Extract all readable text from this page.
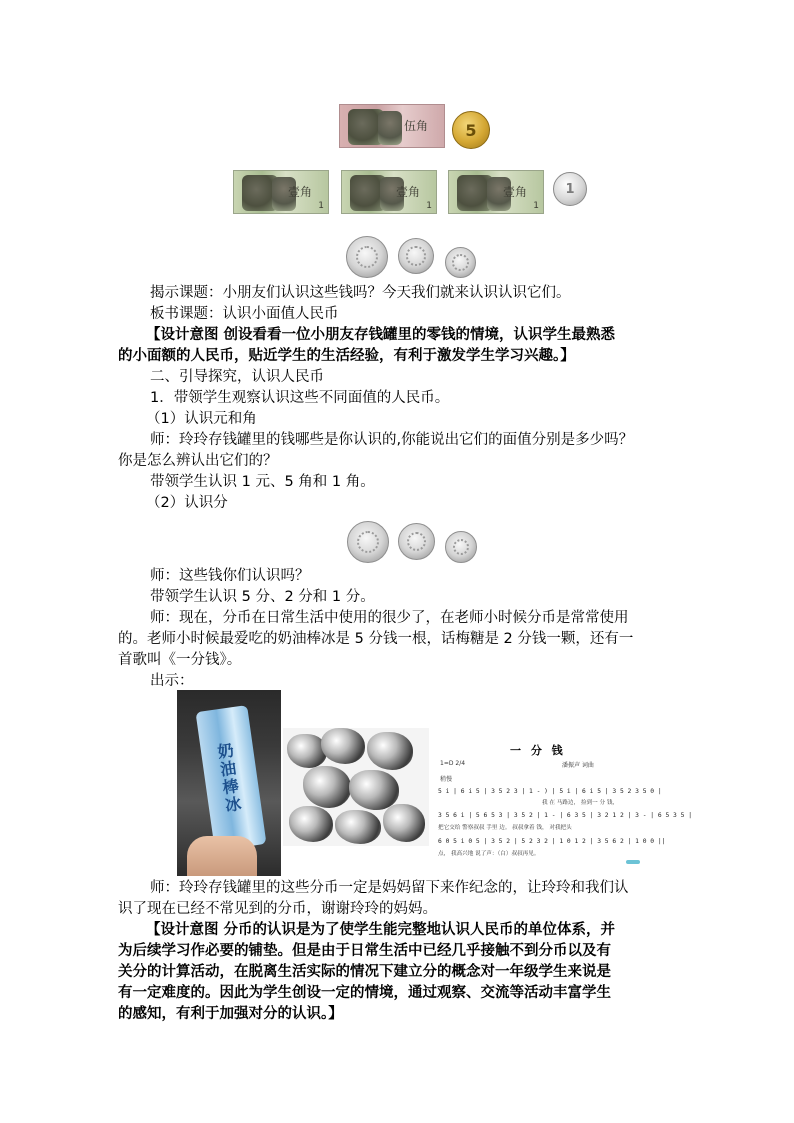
伍角 5
壹角
1
壹角
1
壹角
1
1
揭示课题：小朋友们认识这些钱吗？今天我们就来认识认识它们。
板书课题：认识小面值人民币
【设计意图 创设看看一位小朋友存钱罐里的零钱的情境，认识学生最熟悉
的小面额的人民币，贴近学生的生活经验，有利于激发学生学习兴趣。】
二、引导探究，认识人民币
1．带领学生观察认识这些不同面值的人民币。
（1）认识元和角
师：玲玲存钱罐里的钱哪些是你认识的,你能说出它们的面值分别是多少吗？
你是怎么辨认出它们的？
带领学生认识 1 元、5 角和 1 角。
（2）认识分
师：这些钱你们认识吗？
带领学生认识 5 分、2 分和 1 分。
师：现在，分币在日常生活中使用的很少了，在老师小时候分币是常常使用
的。老师小时候最爱吃的奶油棒冰是 5 分钱一根，话梅糖是 2 分钱一颗，还有一
首歌叫《一分钱》。
出示：
奶油棒冰	一 分 钱
1=D 2/4	潘振声 词曲
稍慢
5 i | 6 i 5 | 3 5 2 3 | 1 - ) | 5 i | 6 i 5 | 3 5 2 3 5 0 |
我 在 马路边， 捡到一 分 钱，
3 5 6 i | 5 6 5 3 | 3 5 2 | 1 - | 6 3 5 | 3 2 1 2 | 3 - | 6 5 3 5 |
把它交给 警察叔叔 手里 边。 叔叔拿着 钱， 对我把头
6 0 5 i 0 5 | 3 5 2 | 5 2 3 2 | 1 0 1 2 | 3 5 6 2 | 1 0 0 ||
点， 我高兴地 说了声：（白）叔叔再见。
师：玲玲存钱罐里的这些分币一定是妈妈留下来作纪念的，让玲玲和我们认
识了现在已经不常见到的分币，谢谢玲玲的妈妈。
【设计意图 分币的认识是为了使学生能完整地认识人民币的单位体系，并
为后续学习作必要的铺垫。但是由于日常生活中已经几乎接触不到分币以及有
关分的计算活动，在脱离生活实际的情况下建立分的概念对一年级学生来说是
有一定难度的。因此为学生创设一定的情境，通过观察、交流等活动丰富学生
的感知，有利于加强对分的认识。】
